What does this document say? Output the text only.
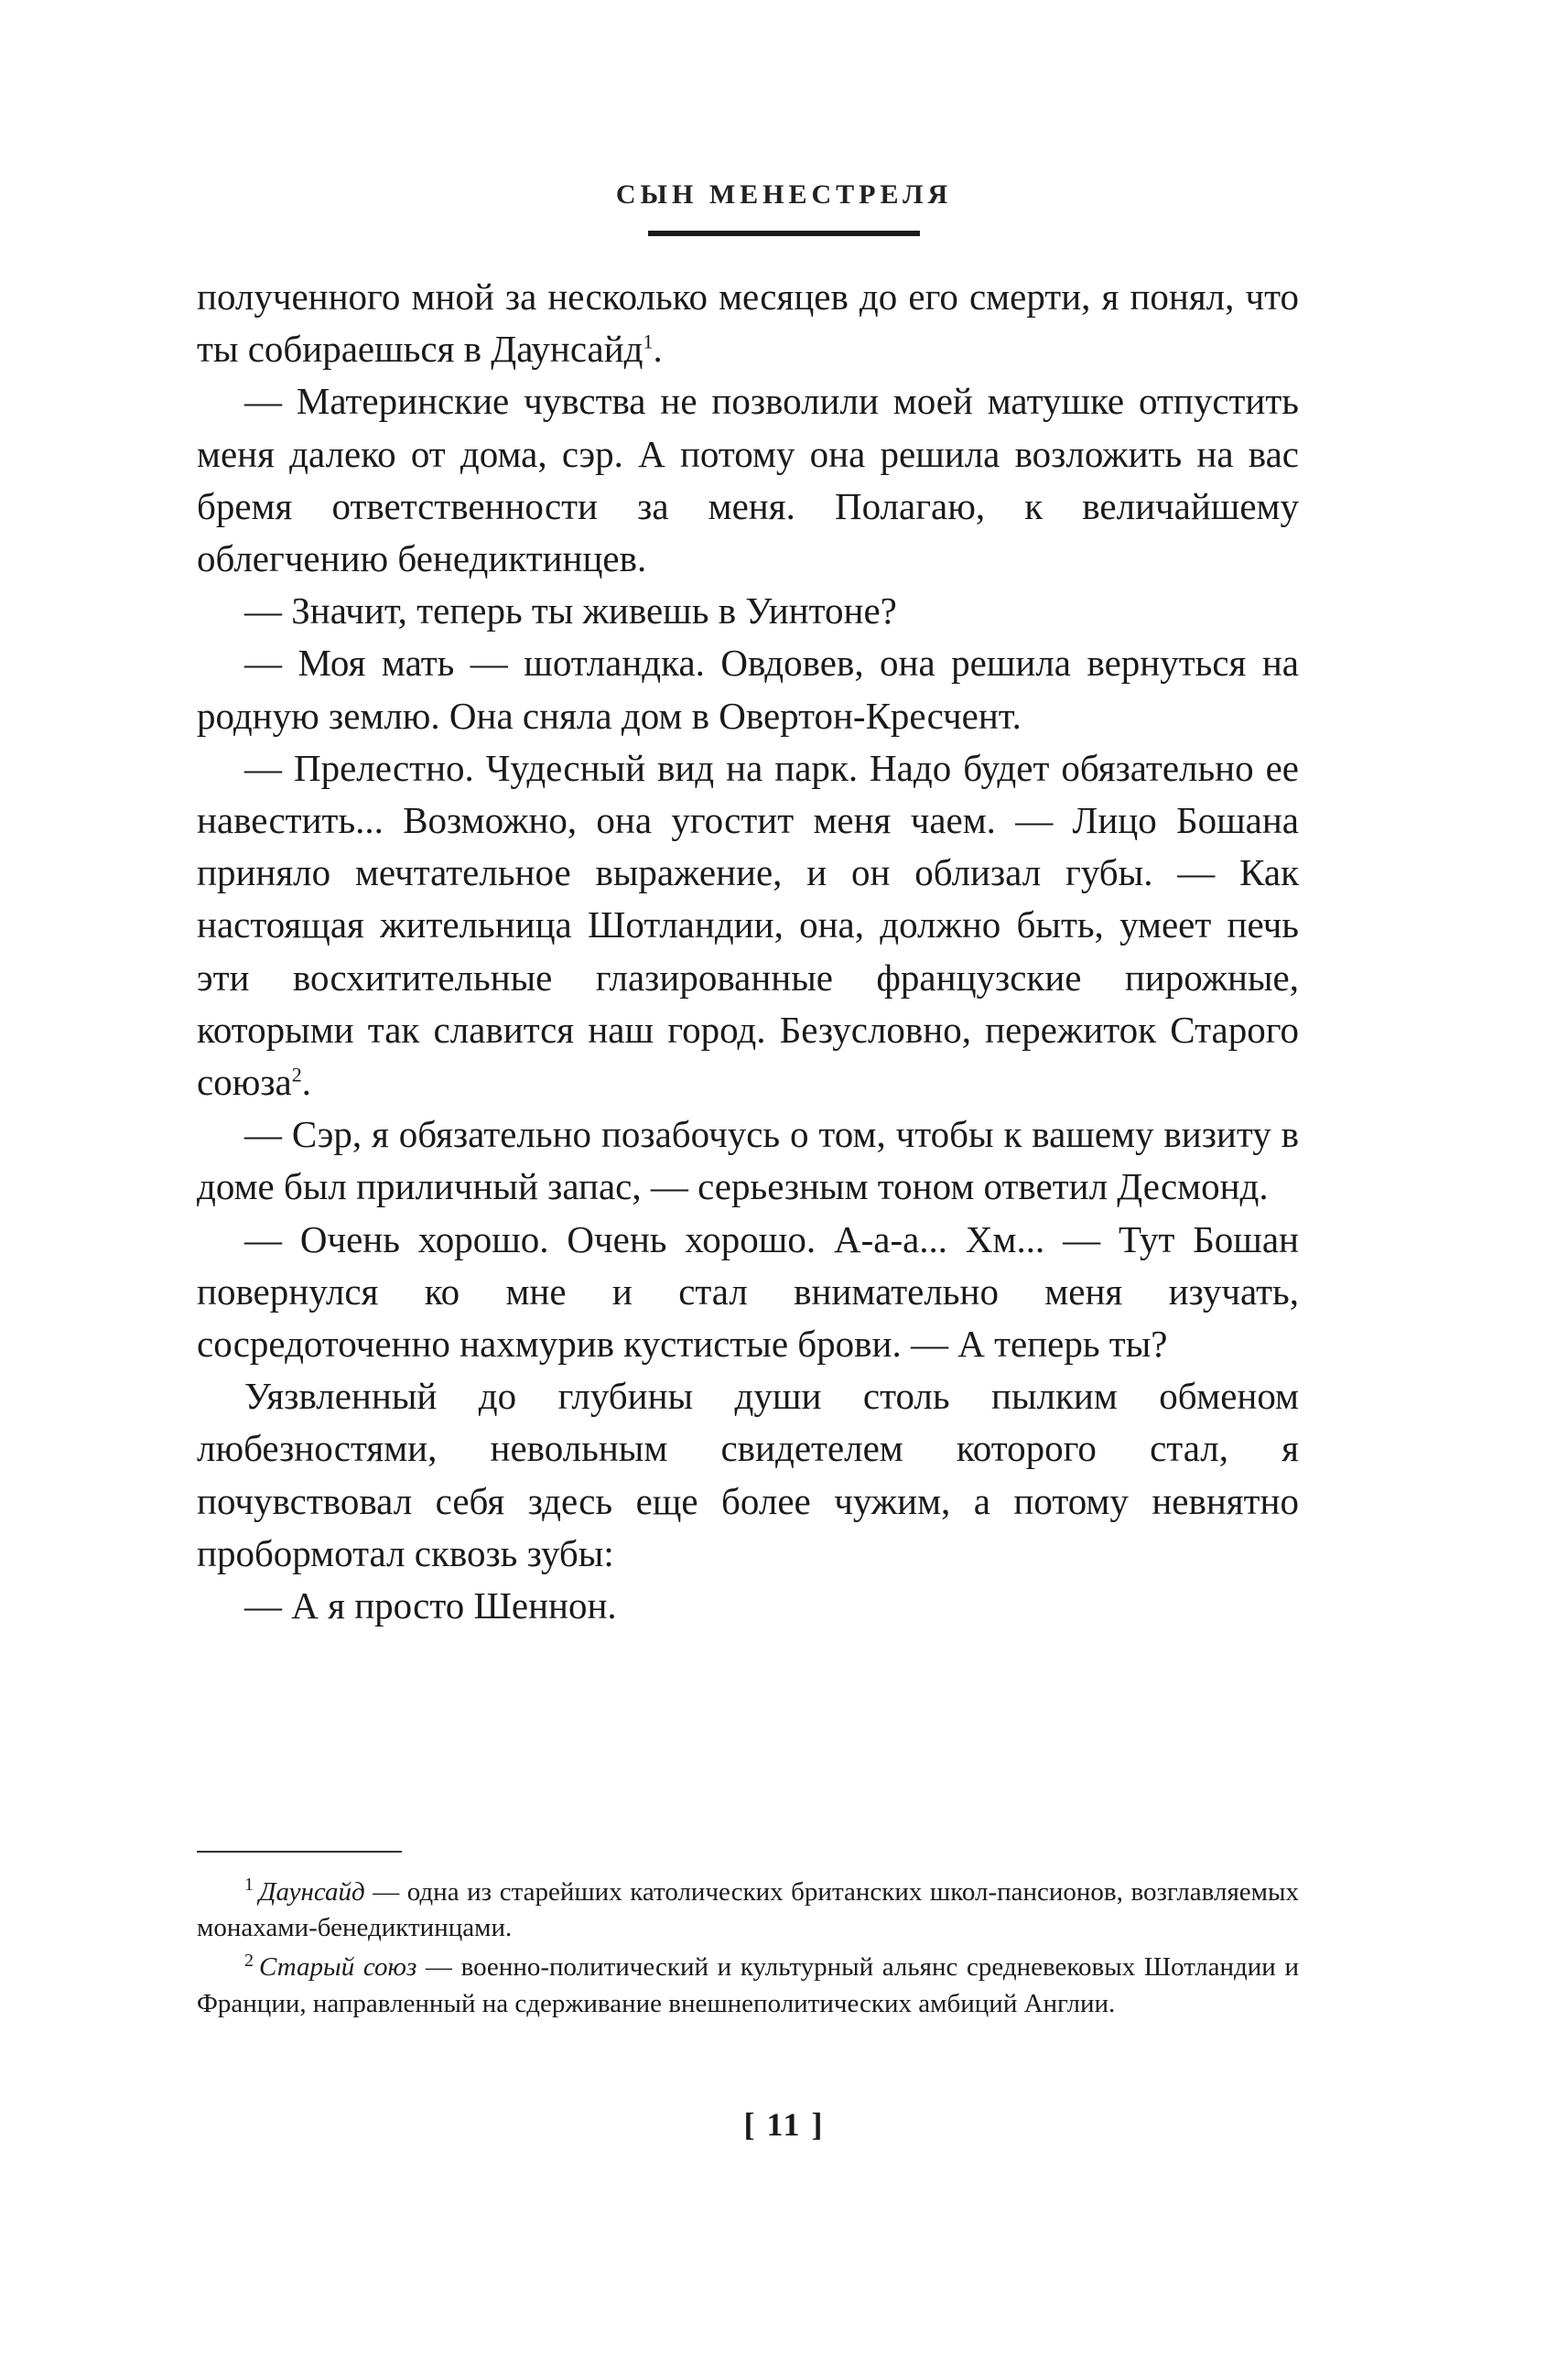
СЫН МЕНЕСТРЕЛЯ

полученного мной за несколько месяцев до его смерти, я понял, что ты собираешься в Даунсайд$^1$.

— Материнские чувства не позволили моей матушке отпустить меня далеко от дома, сэр. А потому она решила возложить на вас бремя ответственности за меня. Полагаю, к величайшему облегчению бенедиктинцев.

— Значит, теперь ты живешь в Уинтоне?

— Моя мать — шотландка. Овдовев, она решила вернуться на родную землю. Она сняла дом в Овертон-Кресчент.

— Прелестно. Чудесный вид на парк. Надо будет обязательно ее навестить... Возможно, она угостит меня чаем. — Лицо Бошана приняло мечтательное выражение, и он облизал губы. — Как настоящая жительница Шотландии, она, должно быть, умеет печь эти восхитительные глазированные французские пирожные, которыми так славится наш город. Безусловно, пережиток Старого союза$^2$.

— Сэр, я обязательно позабочусь о том, чтобы к вашему визиту в доме был приличный запас, — серьезным тоном ответил Десмонд.

— Очень хорошо. Очень хорошо. А-а-а... Хм... — Тут Бошан повернулся ко мне и стал внимательно меня изучать, сосредоточенно нахмурив кустистые брови. — А теперь ты?

Уязвленный до глубины души столь пылким обменом любезностями, невольным свидетелем которого стал, я почувствовал себя здесь еще более чужим, а потому невнятно пробормотал сквозь зубы:

— А я просто Шеннон.

$^1$ Даунсайд — одна из старейших католических британских школ-пансионов, возглавляемых монахами-бенедиктинцами.

$^2$ Старый союз — военно-политический и культурный альянс средневековых Шотландии и Франции, направленный на сдерживание внешнеполитических амбиций Англии.

[ 11 ]
